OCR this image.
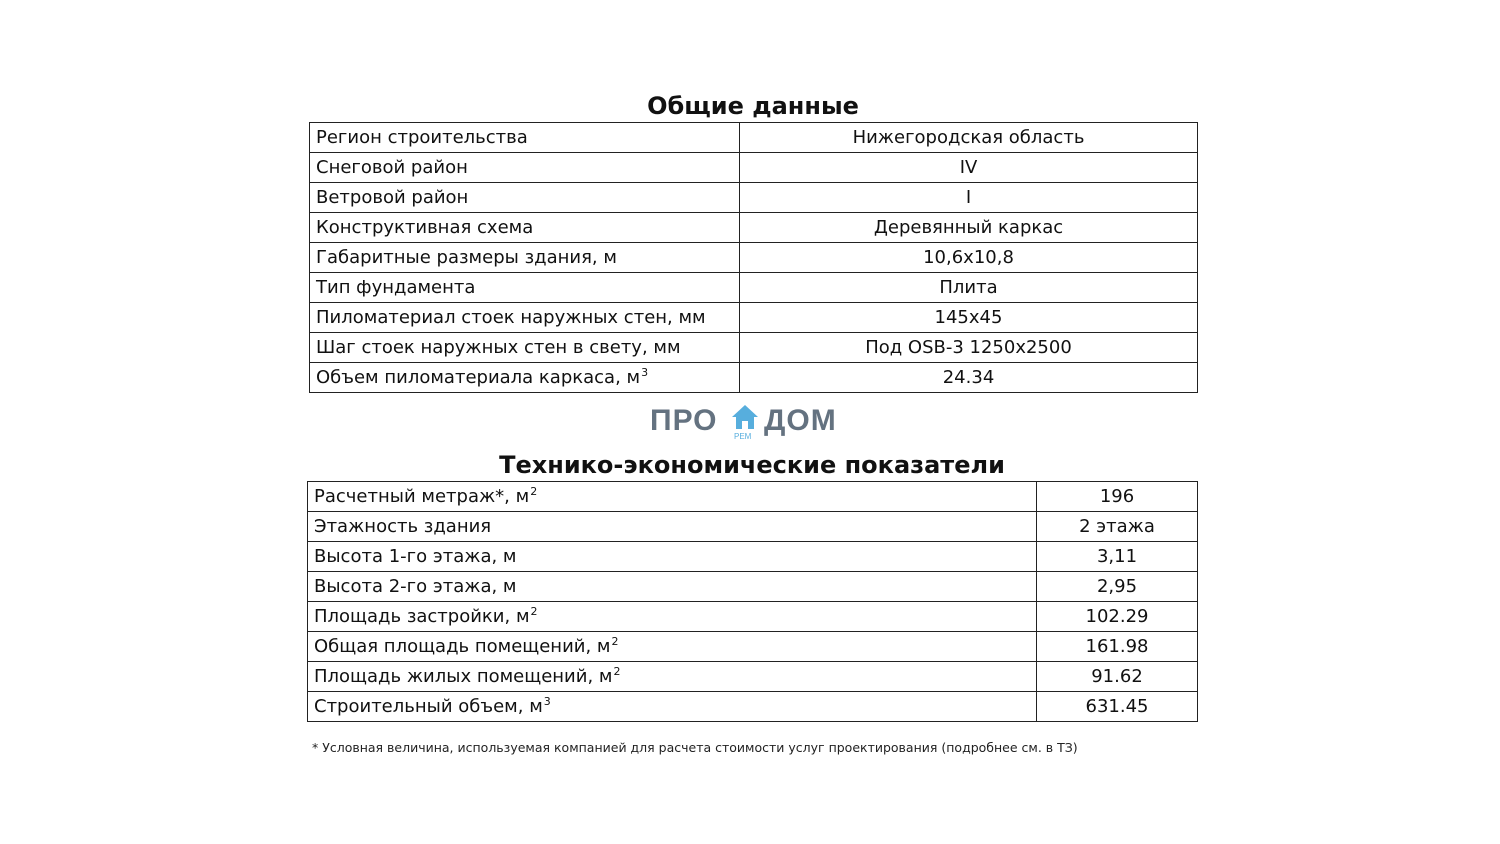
Общие данные
Регион строительства	Нижегородская область
Снеговой район	IV
Ветровой район	I
Конструктивная схема	Деревянный каркас
Габаритные размеры здания, м	10,6х10,8
Тип фундамента	Плита
Пиломатериал стоек наружных стен, мм	145х45
Шаг стоек наружных стен в свету, мм	Под OSB-3 1250х2500
Объем пиломатериала каркаса, $м^3$	24.34
ПРО РЕМ ДОМ
Технико-экономические показатели
Расчетный метраж*, $м^2$	196
Этажность здания	2 этажа
Высота 1-го этажа, м	3,11
Высота 2-го этажа, м	2,95
Площадь застройки, $м^2$	102.29
Общая площадь помещений, $м^2$	161.98
Площадь жилых помещений, $м^2$	91.62
Строительный объем, $м^3$	631.45
* Условная величина, используемая компанией для расчета стоимости услуг проектирования (подробнее см. в ТЗ)
